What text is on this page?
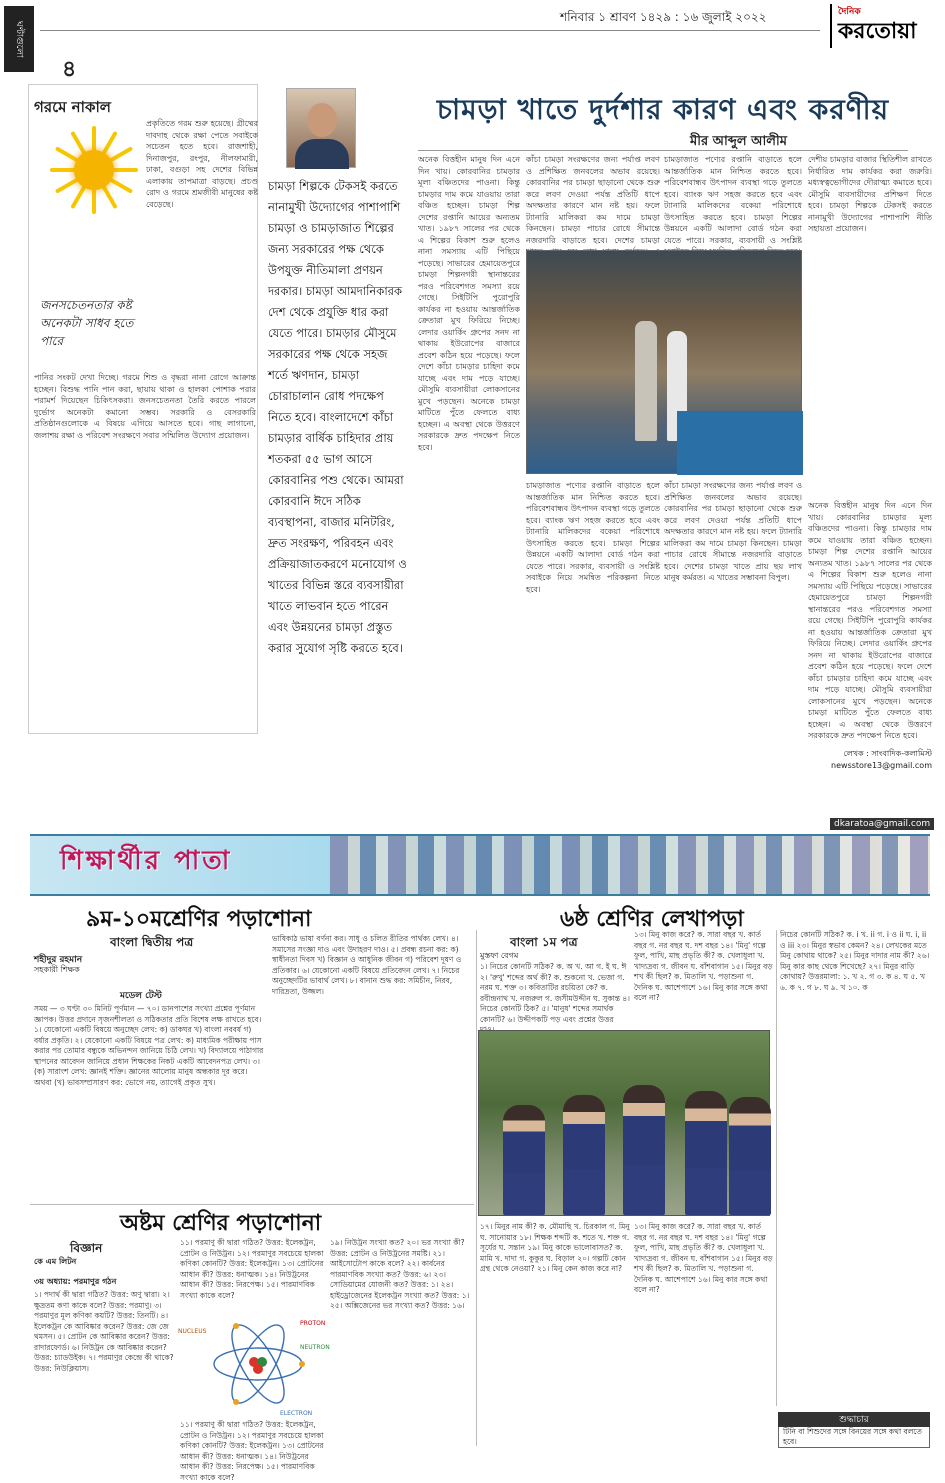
ঘণ্টাগুলো
৪
শনিবার ১ শ্রাবণ ১৪২৯ : ১৬ জুলাই ২০২২	দৈনিক
করতোয়া
গরমে নাকাল
প্রকৃতিতে গরম শুরু হয়েছে। গ্রীষ্মের দাবদাহ থেকে রক্ষা পেতে সবাইকে সচেতন হতে হবে। রাজশাহী, দিনাজপুর, রংপুর, নীলফামারী, ঢাকা, বগুড়া সহ দেশের বিভিন্ন এলাকায় তাপমাত্রা বাড়ছে। প্রচণ্ড রোদ ও গরমে শ্রমজীবী মানুষের কষ্ট বেড়েছে।
জনসচেতনতার কষ্ট অনেকটা সাধব হতে পারে
পানির সংকট দেখা দিচ্ছে। গরমে শিশু ও বৃদ্ধরা নানা রোগে আক্রান্ত হচ্ছেন। বিশুদ্ধ পানি পান করা, ছায়ায় থাকা ও হালকা পোশাক পরার পরামর্শ দিয়েছেন চিকিৎসকরা। জনসচেতনতা তৈরি করতে পারলে দুর্ভোগ অনেকটা কমানো সম্ভব। সরকারি ও বেসরকারি প্রতিষ্ঠানগুলোকে এ বিষয়ে এগিয়ে আসতে হবে। গাছ লাগানো, জলাশয় রক্ষা ও পরিবেশ সংরক্ষণে সবার সম্মিলিত উদ্যোগ প্রয়োজন।
চামড়া শিল্পকে টেকসই করতে নানামুখী উদ্যোগের পাশাপাশি চামড়া ও চামড়াজাত শিল্পের জন্য সরকারের পক্ষ থেকে উপযুক্ত নীতিমালা প্রণয়ন দরকার। চামড়া আমদানিকারক দেশ থেকে প্রযুক্তি ধার করা যেতে পারে। চামড়ার মৌসুমে সরকারের পক্ষ থেকে সহজ শর্তে ঋণদান, চামড়া চোরাচালান রোধ পদক্ষেপ নিতে হবে। বাংলাদেশে কাঁচা চামড়ার বার্ষিক চাহিদার প্রায় শতকরা ৫৫ ভাগ আসে কোরবানির পশু থেকে। আমরা কোরবানি ঈদে সঠিক ব্যবস্থাপনা, বাজার মনিটরিং, দ্রুত সংরক্ষণ, পরিবহন এবং প্রক্রিয়াজাতকরণে মনোযোগ ও খাতের বিভিন্ন স্তরে ব্যবসায়ীরা খাতে লাভবান হতে পারেন এবং উন্নয়নের চামড়া প্রস্তুত করার সুযোগ সৃষ্টি করতে হবে।
চামড়া খাতে দুর্দশার কারণ এবং করণীয়
মীর আব্দুল আলীম
অনেক বিত্তহীন মানুষ দিন এনে দিন খায়। কোরবানির চামড়ার মূল্য বঞ্চিতদের পাওনা। কিন্তু চামড়ার দাম কমে যাওয়ায় তারা বঞ্চিত হচ্ছেন। চামড়া শিল্প দেশের রপ্তানি আয়ের অন্যতম খাত। ১৯৮৭ সালের পর থেকে এ শিল্পের বিকাশ শুরু হলেও নানা সমস্যায় এটি পিছিয়ে পড়েছে। সাভারের হেমায়েতপুরে চামড়া শিল্পনগরী স্থানান্তরের পরও পরিবেশগত সমস্যা রয়ে গেছে। সিইটিপি পুরোপুরি কার্যকর না হওয়ায় আন্তর্জাতিক ক্রেতারা মুখ ফিরিয়ে নিচ্ছে। লেদার ওয়ার্কিং গ্রুপের সনদ না থাকায় ইউরোপের বাজারে প্রবেশ কঠিন হয়ে পড়েছে। ফলে দেশে কাঁচা চামড়ার চাহিদা কমে যাচ্ছে এবং দাম পড়ে যাচ্ছে। মৌসুমি ব্যবসায়ীরা লোকসানের মুখে পড়ছেন। অনেকে চামড়া মাটিতে পুঁতে ফেলতে বাধ্য হচ্ছেন। এ অবস্থা থেকে উত্তরণে সরকারকে দ্রুত পদক্ষেপ নিতে হবে।
কাঁচা চামড়া সংরক্ষণের জন্য পর্যাপ্ত লবণ ও প্রশিক্ষিত জনবলের অভাব রয়েছে। কোরবানির পর চামড়া ছাড়ানো থেকে শুরু করে লবণ দেওয়া পর্যন্ত প্রতিটি ধাপে অদক্ষতার কারণে মান নষ্ট হয়। ফলে ট্যানারি মালিকরা কম দামে চামড়া কিনছেন। চামড়া পাচার রোধে সীমান্তে নজরদারি বাড়াতে হবে। দেশের চামড়া
চামড়াজাত পণ্যের রপ্তানি বাড়াতে হলে আন্তর্জাতিক মান নিশ্চিত করতে হবে। পরিবেশবান্ধব উৎপাদন ব্যবস্থা গড়ে তুলতে হবে। ব্যাংক ঋণ সহজ করতে হবে এবং ট্যানারি মালিকদের বকেয়া পরিশোধে উৎসাহিত করতে হবে। চামড়া শিল্পের উন্নয়নে একটি আলাদা বোর্ড গঠন করা যেতে পারে। সরকার, ব্যবসায়ী ও সংশ্লিষ্ট
চামড়াজাত পণ্যের রপ্তানি বাড়াতে হলে আন্তর্জাতিক মান নিশ্চিত করতে হবে। পরিবেশবান্ধব উৎপাদন ব্যবস্থা গড়ে তুলতে হবে। ব্যাংক ঋণ সহজ করতে হবে এবং ট্যানারি মালিকদের বকেয়া পরিশোধে উৎসাহিত করতে হবে। চামড়া শিল্পের উন্নয়নে একটি আলাদা বোর্ড গঠন করা যেতে পারে। সরকার, ব্যবসায়ী ও সংশ্লিষ্ট সবাইকে নিয়ে সমন্বিত পরিকল্পনা নিতে হবে।
কাঁচা চামড়া সংরক্ষণের জন্য পর্যাপ্ত লবণ ও প্রশিক্ষিত জনবলের অভাব রয়েছে। কোরবানির পর চামড়া ছাড়ানো থেকে শুরু করে লবণ দেওয়া পর্যন্ত প্রতিটি ধাপে অদক্ষতার কারণে মান নষ্ট হয়। ফলে ট্যানারি মালিকরা কম দামে চামড়া কিনছেন। চামড়া পাচার রোধে সীমান্তে নজরদারি বাড়াতে হবে। দেশের চামড়া খাতে প্রায় ছয় লাখ মানুষ কর্মরত। এ খাতের সম্ভাবনা বিপুল।
দেশীয় চামড়ার বাজার স্থিতিশীল রাখতে নির্ধারিত দাম কার্যকর করা জরুরি। মধ্যস্বত্বভোগীদের দৌরাত্ম্য কমাতে হবে। মৌসুমি ব্যবসায়ীদের প্রশিক্ষণ দিতে হবে। চামড়া শিল্পকে টেকসই করতে নানামুখী উদ্যোগের পাশাপাশি নীতি সহায়তা প্রয়োজন।
অনেক বিত্তহীন মানুষ দিন এনে দিন খায়। কোরবানির চামড়ার মূল্য বঞ্চিতদের পাওনা। কিন্তু চামড়ার দাম কমে যাওয়ায় তারা বঞ্চিত হচ্ছেন। চামড়া শিল্প দেশের রপ্তানি আয়ের অন্যতম খাত। ১৯৮৭ সালের পর থেকে এ শিল্পের বিকাশ শুরু হলেও নানা সমস্যায় এটি পিছিয়ে পড়েছে। সাভারের হেমায়েতপুরে চামড়া শিল্পনগরী স্থানান্তরের পরও পরিবেশগত সমস্যা রয়ে গেছে। সিইটিপি পুরোপুরি কার্যকর না হওয়ায় আন্তর্জাতিক ক্রেতারা মুখ ফিরিয়ে নিচ্ছে। লেদার ওয়ার্কিং গ্রুপের সনদ না থাকায় ইউরোপের বাজারে প্রবেশ কঠিন হয়ে পড়েছে। ফলে দেশে কাঁচা চামড়ার চাহিদা কমে যাচ্ছে এবং দাম পড়ে যাচ্ছে। মৌসুমি ব্যবসায়ীরা লোকসানের মুখে পড়ছেন। অনেকে চামড়া মাটিতে পুঁতে ফেলতে বাধ্য হচ্ছেন। এ অবস্থা থেকে উত্তরণে সরকারকে দ্রুত পদক্ষেপ নিতে হবে।
লেখক : সাংবাদিক-কলামিস্ট newsstore13@gmail.com
dkaratoa@gmail.com
শিক্ষার্থীর পাতা
৯ম-১০মশ্রেণির পড়াশোনা
বাংলা দ্বিতীয় পত্র
শহীদুর রহমান
সহকারী শিক্ষক
মডেল টেস্ট
সময় — ৩ ঘণ্টা ৩০ মিনিট পূর্ণমান — ৭০। ডানপাশের সংখ্যা প্রশ্নের পূর্ণমান জ্ঞাপক। উত্তর প্রদানে সৃজনশীলতা ও সঠিকতার প্রতি বিশেষ লক্ষ রাখতে হবে। ১। যেকোনো একটি বিষয়ে অনুচ্ছেদ লেখ: ক) ডাকঘর খ) বাংলা নববর্ষ গ) বর্ষার প্রকৃতি। ২। যেকোনো একটি বিষয়ে পত্র লেখ: ক) মাধ্যমিক পরীক্ষায় পাস করার পর তোমার বন্ধুকে অভিনন্দন জানিয়ে চিঠি লেখ। খ) বিদ্যালয়ে পাঠাগার স্থাপনের আবেদন জানিয়ে প্রধান শিক্ষকের নিকট একটি আবেদনপত্র লেখ। ৩। (ক) সারাংশ লেখ: জ্ঞানই শক্তি। জ্ঞানের আলোয় মানুষ অন্ধকার দূর করে। অথবা (খ) ভাবসম্প্রসারণ কর: ভোগে নয়, ত্যাগেই প্রকৃত সুখ।
ভাষিকাঠ ভাষা বর্ণনা কর। সাধু ও চলিত রীতির পার্থক্য লেখ। ৪। সমাসের সংজ্ঞা দাও এবং উদাহরণ দাও। ৫। প্রবন্ধ রচনা কর: ক) স্বাধীনতা দিবস খ) বিজ্ঞান ও আধুনিক জীবন গ) পরিবেশ দূষণ ও প্রতিকার। ৬। যেকোনো একটি বিষয়ে প্রতিবেদন লেখ। ৭। নিচের অনুচ্ছেদটির ভাবার্থ লেখ। ৮। বানান শুদ্ধ কর: সমিচীন, নিরব, দারিদ্রতা, উজ্জল।
৬ষ্ঠ শ্রেণির লেখাপড়া
বাংলা ১ম পত্র
মুস্তফা বেগম
১। নিচের কোনটি সঠিক? ক. অ খ. আ গ. ই ঘ. ঈ ২। 'রুখু' শব্দের অর্থ কী? ক. শুকনো খ. ভেজা গ. নরম ঘ. শক্ত ৩। কবিতাটির রচয়িতা কে? ক. রবীন্দ্রনাথ খ. নজরুল গ. জসীমউদ্দীন ঘ. সুকান্ত ৪। নিচের কোনটি ঠিক? ৫। 'মানুষ' শব্দের সমার্থক কোনটি? ৬। উদ্দীপকটি পড় এবং প্রশ্নের উত্তর
১৩। মিনু কাজ করে? ক. সারা বছর খ. কার্ত বছর গ. নর বছর ঘ. দশ বছর ১৪। 'মিনু' গল্পে ফুল, পাখি, মাছ প্রভৃতি কী? ক. খেলাধুলা খ. খাদ্যদ্রব্য গ. জীবন ঘ. বাঁশবাগান ১৫। মিনুর বড় শখ কী ছিল? ক. মিতালি খ. পড়াশুনা গ. দৈনিক ঘ. আশেপাশে ১৬। মিনু কার সঙ্গে কথা বলে না?
১৭। মিনুর নাম কী? ক. মৌমাছি খ. চিরকাল গ. মিনু ঘ. সানোয়ার ১৮। শিক্ষক শব্দটি ক. শতে খ. শক্ত গ. সূর্যের ঘ. সন্তান ১৯। মিনু কাকে ভালোবাসত? ক. মামি খ. দাদা গ. কুকুর ঘ. বিড়াল ২০। গল্পটি কোন গ্রন্থ থেকে নেওয়া? ২১। মিনু কেন কাজ করে না?
১৩। মিনু কাজ করে? ক. সারা বছর খ. কার্ত বছর গ. নর বছর ঘ. দশ বছর ১৪। 'মিনু' গল্পে ফুল, পাখি, মাছ প্রভৃতি কী? ক. খেলাধুলা খ. খাদ্যদ্রব্য গ. জীবন ঘ. বাঁশবাগান ১৫। মিনুর বড় শখ কী ছিল? ক. মিতালি খ. পড়াশুনা গ. দৈনিক ঘ. আশেপাশে ১৬। মিনু কার সঙ্গে কথা বলে না?
নিচের কোনটি সঠিক? ক. i খ. ii গ. i ও ii ঘ. i, ii ও iii ২৩। মিনুর স্বভাব কেমন? ২৪। লেখকের মতে মিনু কোথায় থাকে? ২৫। মিনুর দাদার নাম কী? ২৬। মিনু কার কাছ থেকে শিখেছে? ২৭। মিনুর বাড়ি কোথায়? উত্তরমালা: ১. খ ২. গ ৩. ক ৪. ঘ ৫. খ ৬. ক ৭. গ ৮. ঘ ৯. খ ১০. ক
অষ্টম শ্রেণির পড়াশোনা
বিজ্ঞান
কে এম লিটন
৩য় অধ্যায়: পরমাণুর গঠন
১। পদার্থ কী দ্বারা গঠিত? উত্তর: অণু দ্বারা। ২। ক্ষুদ্রতম কণা কাকে বলে? উত্তর: পরমাণু। ৩। পরমাণুর মূল কণিকা কয়টি? উত্তর: তিনটি। ৪। ইলেকট্রন কে আবিষ্কার করেন? উত্তর: জে জে থমসন। ৫। প্রোটন কে আবিষ্কার করেন? উত্তর: রাদারফোর্ড। ৬। নিউট্রন কে আবিষ্কার করেন? উত্তর: চ্যাডউইক। ৭। পরমাণুর কেন্দ্রে কী থাকে? উত্তর: নিউক্লিয়াস।
১১। পরমাণু কী দ্বারা গঠিত? উত্তর: ইলেকট্রন, প্রোটন ও নিউট্রন। ১২। পরমাণুর সবচেয়ে হালকা কণিকা কোনটি? উত্তর: ইলেকট্রন। ১৩। প্রোটনের আধান কী? উত্তর: ধনাত্মক। ১৪। নিউট্রনের আধান কী? উত্তর: নিরপেক্ষ। ১৫। পারমাণবিক সংখ্যা কাকে বলে?
NUCLEUS
PROTON
NEUTRON
ELECTRON
১৯। নিউট্রন সংখ্যা কত? ২০। ভর সংখ্যা কী? উত্তর: প্রোটন ও নিউট্রনের সমষ্টি। ২১। আইসোটোপ কাকে বলে? ২২। কার্বনের পারমাণবিক সংখ্যা কত? উত্তর: ৬। ২৩। সোডিয়ামের যোজনী কত? উত্তর: ১। ২৪। হাইড্রোজেনের ইলেকট্রন সংখ্যা কত? উত্তর: ১। ২৫। অক্সিজেনের ভর সংখ্যা কত? উত্তর: ১৬।
১১। পরমাণু কী দ্বারা গঠিত? উত্তর: ইলেকট্রন, প্রোটন ও নিউট্রন। ১২। পরমাণুর সবচেয়ে হালকা কণিকা কোনটি? উত্তর: ইলেকট্রন। ১৩। প্রোটনের আধান কী? উত্তর: ধনাত্মক। ১৪। নিউট্রনের আধান কী? উত্তর: নিরপেক্ষ। ১৫। পারমাণবিক সংখ্যা কাকে বলে?
শুদ্ধাচার
টিনি বা শিশুদের সঙ্গে বিনয়ের সঙ্গে কথা বলতে হবে।
